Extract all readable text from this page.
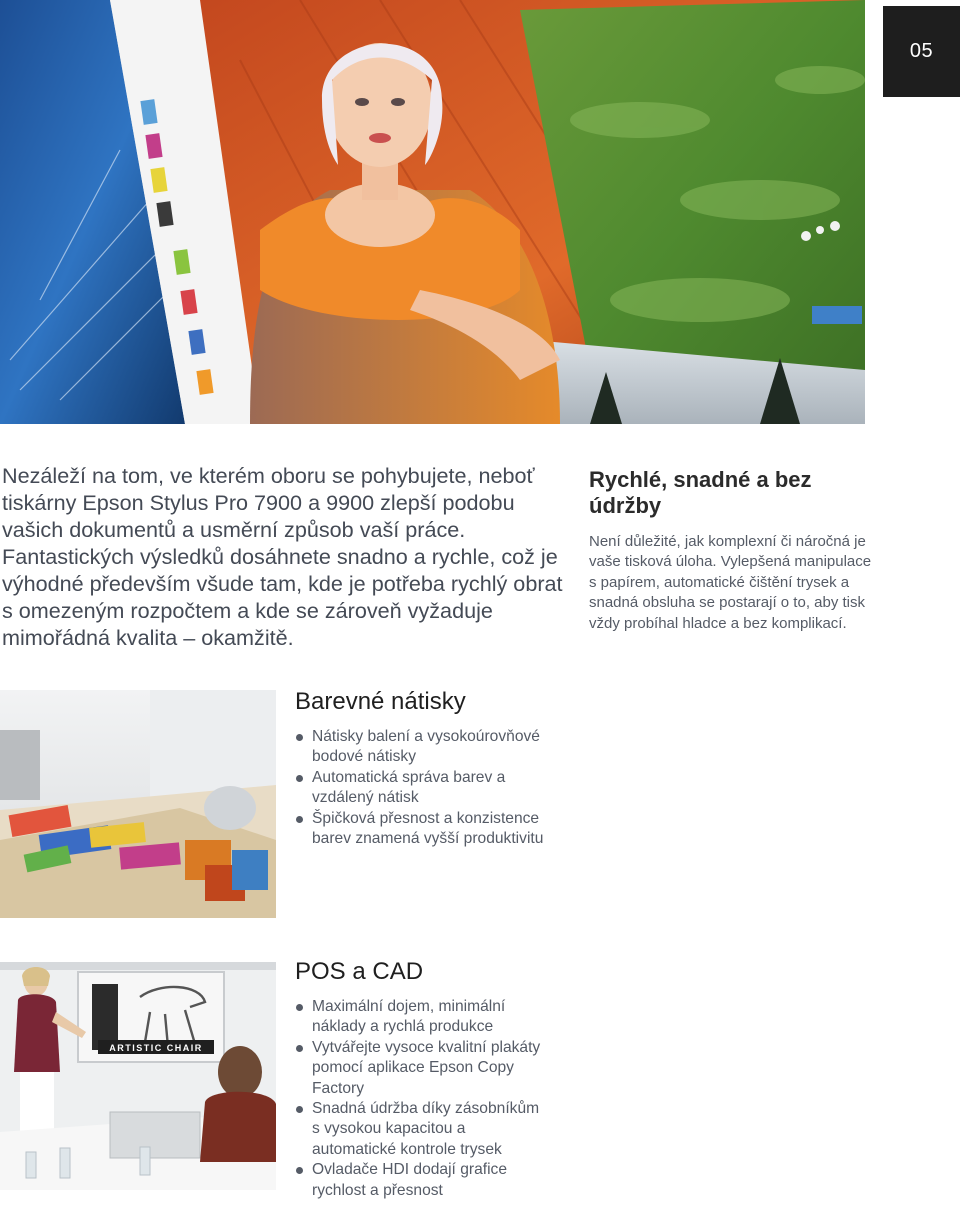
05

Nezáleží na tom, ve kterém oboru se pohybujete, neboť tiskárny Epson Stylus Pro 7900 a 9900 zlepší podobu vašich dokumentů a usměrní způsob vaší práce. Fantastických výsledků dosáhnete snadno a rychle, což je výhodné především všude tam, kde je potřeba rychlý obrat s omezeným rozpočtem a kde se zároveň vyžaduje mimořádná kvalita – okamžitě.

Rychlé, snadné a bez údržby

Není důležité, jak komplexní či náročná je vaše tisková úloha. Vylepšená manipulace s papírem, automatické čištění trysek a snadná obsluha se postarají o to, aby tisk vždy probíhal hladce a bez komplikací.

Barevné nátisky
Nátisky balení a vysokoúrovňové bodové nátisky
Automatická správa barev a vzdálený nátisk
Špičková přesnost a konzistence barev znamená vyšší produktivitu
ARTISTIC CHAIR
POS a CAD
Maximální dojem, minimální náklady a rychlá produkce
Vytvářejte vysoce kvalitní plakáty pomocí aplikace Epson Copy Factory
Snadná údržba díky zásobníkům s vysokou kapacitou a automatické kontrole trysek
Ovladače HDI dodají grafice rychlost a přesnost
